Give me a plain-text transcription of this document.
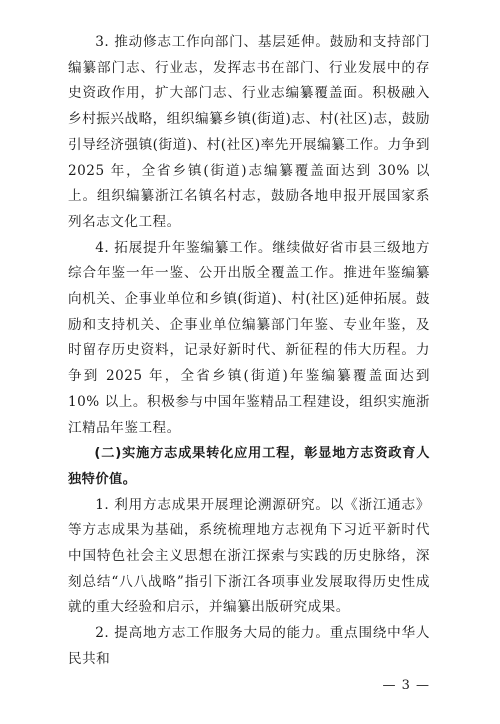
3. 推动修志工作向部门、基层延伸。鼓励和支持部门编纂部门志、行业志，发挥志书在部门、行业发展中的存史资政作用，扩大部门志、行业志编纂覆盖面。积极融入乡村振兴战略，组织编纂乡镇(街道)志、村(社区)志，鼓励引导经济强镇(街道)、村(社区)率先开展编纂工作。力争到 2025 年，全省乡镇(街道)志编纂覆盖面达到 30% 以上。组织编纂浙江名镇名村志，鼓励各地申报开展国家系列名志文化工程。

4. 拓展提升年鉴编纂工作。继续做好省市县三级地方综合年鉴一年一鉴、公开出版全覆盖工作。推进年鉴编纂向机关、企事业单位和乡镇(街道)、村(社区)延伸拓展。鼓励和支持机关、企事业单位编纂部门年鉴、专业年鉴，及时留存历史资料，记录好新时代、新征程的伟大历程。力争到 2025 年，全省乡镇(街道)年鉴编纂覆盖面达到 10% 以上。积极参与中国年鉴精品工程建设，组织实施浙江精品年鉴工程。

(二)实施方志成果转化应用工程，彰显地方志资政育人独特价值。

1. 利用方志成果开展理论溯源研究。以《浙江通志》等方志成果为基础，系统梳理地方志视角下习近平新时代中国特色社会主义思想在浙江探索与实践的历史脉络，深刻总结“八八战略”指引下浙江各项事业发展取得历史性成就的重大经验和启示，并编纂出版研究成果。

2. 提高地方志工作服务大局的能力。重点围绕中华人民共和

— 3 —
